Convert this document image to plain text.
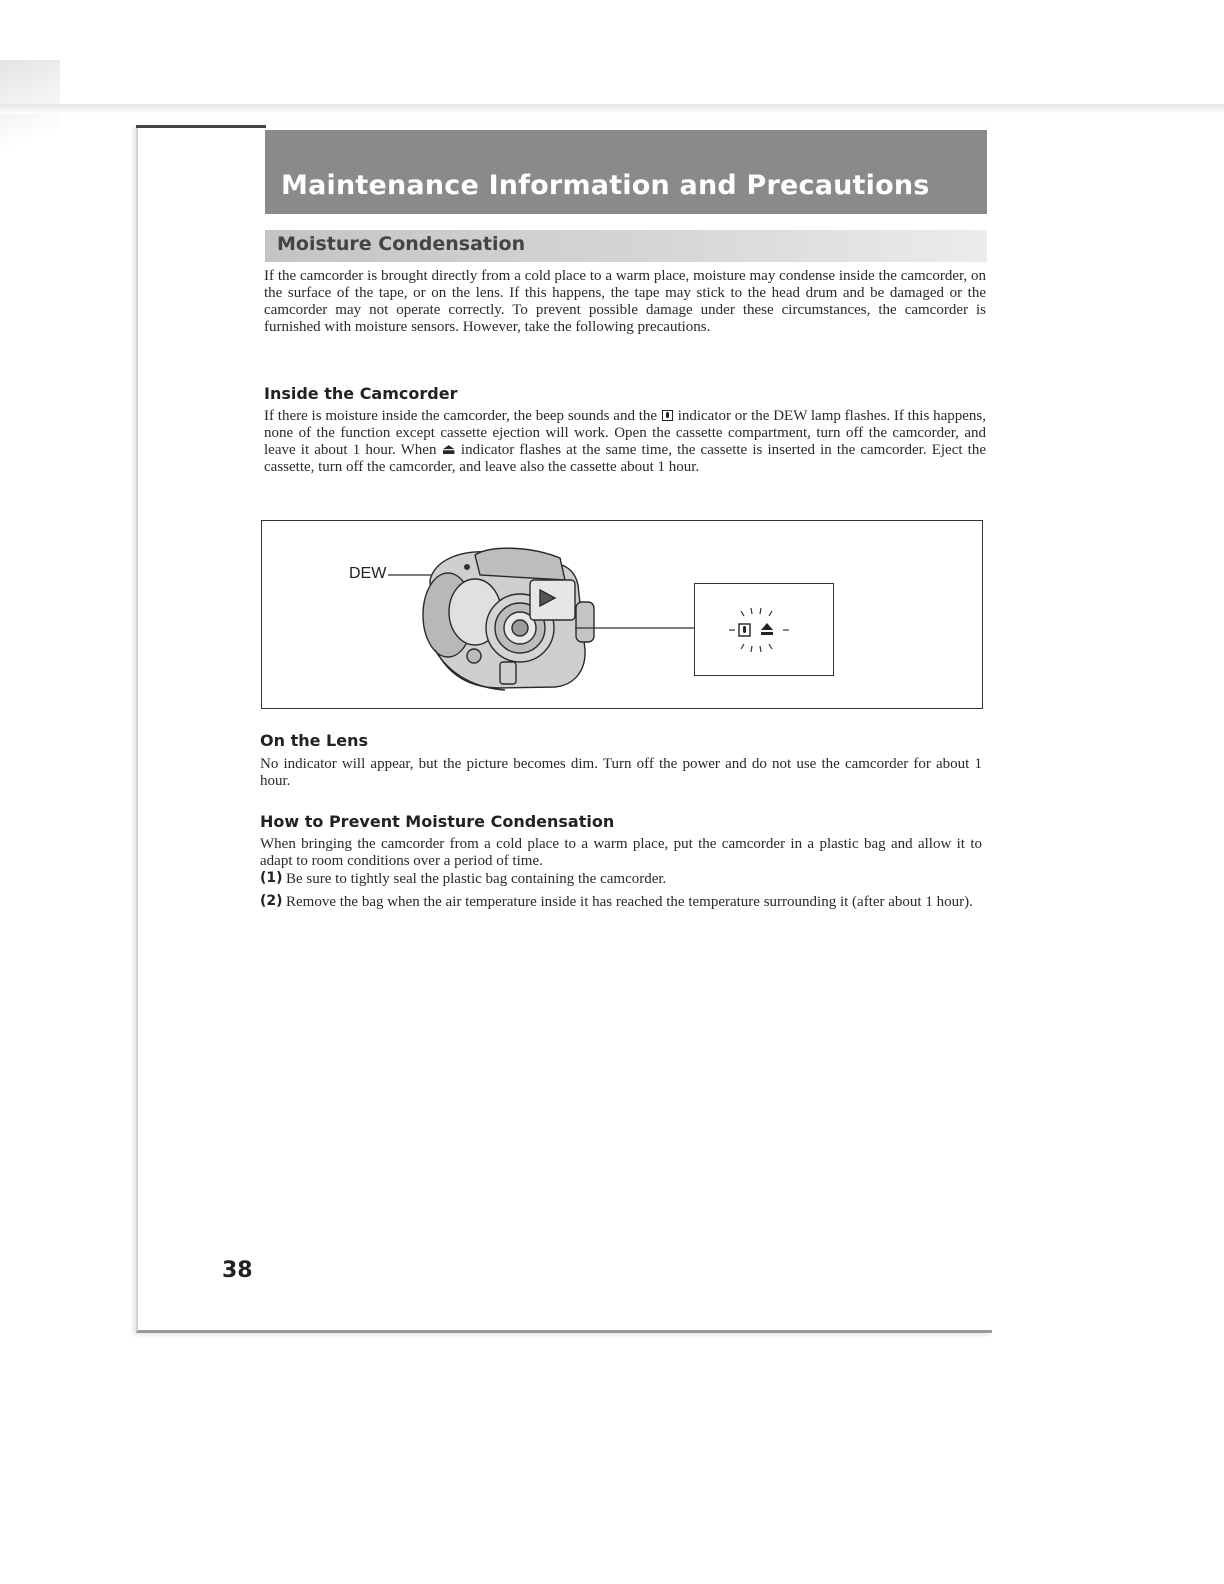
Maintenance Information and Precautions
Moisture Condensation

If the camcorder is brought directly from a cold place to a warm place, moisture may condense inside the camcorder, on the surface of the tape, or on the lens. If this happens, the tape may stick to the head drum and be damaged or the camcorder may not operate correctly. To prevent possible damage under these circumstances, the camcorder is furnished with moisture sensors. However, take the following precautions.

Inside the Camcorder

If there is moisture inside the camcorder, the beep sounds and the indicator or the DEW lamp flashes. If this happens, none of the function except cassette ejection will work. Open the cassette compartment, turn off the camcorder, and leave it about 1 hour. When ⏏ indicator flashes at the same time, the cassette is inserted in the camcorder. Eject the cassette, turn off the camcorder, and leave also the cassette about 1 hour.

DEW
On the Lens

No indicator will appear, but the picture becomes dim. Turn off the power and do not use the camcorder for about 1 hour.

How to Prevent Moisture Condensation

When bringing the camcorder from a cold place to a warm place, put the camcorder in a plastic bag and allow it to adapt to room conditions over a period of time.

(1) Be sure to tightly seal the plastic bag containing the camcorder.

(2) Remove the bag when the air temperature inside it has reached the temperature surrounding it (after about 1 hour).

38
